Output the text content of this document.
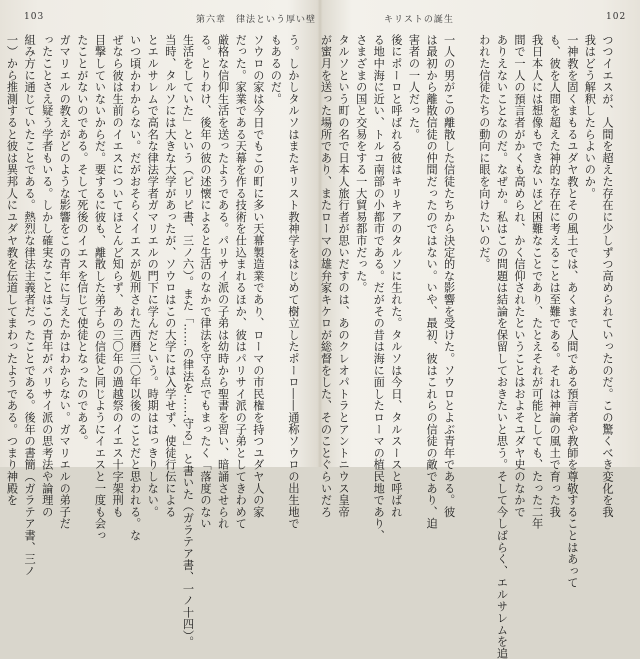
103	第六章 律法という厚い壁
う。しかしタルソはまたキリスト教神学をはじめて樹立したポーロ――通称ソウロの出生地で
もあるのだ。
ソウロの家は今日でもこの町に多い天幕製造業であり、ローマの市民権を持つユダヤ人の家
だった。家業である天幕を作る技術を仕込まれるほか、彼はパリサイ派の子弟としてきわめて
厳格な信仰生活を送ったようである。パリサイ派の子弟は幼時から聖書を習い、暗誦させられ
る。とりわけ、後年の彼の述懐によると生活のなかで律法を守る点でもまったく「落度のない
生活をしていた」という（ピリピ書、三ノ六）。また「……の律法を……守る」と書いた（ガラテア書、一ノ十四）。
当時、タルソには大きな大学があったが、ソウロはこの大学には入学せず、使徒行伝による
とエルサレムで高名な律法学者ガマリエルの門下に学んだという。時期ははっきりしない。
いつ頃かわからない。だがおそらくイエスが処刑された西暦三〇年以後のことだと思われる。な
ぜなら彼は生前のイエスについてほとんど知らず、あの三〇年の過越祭のイエス十字架刑も
目撃していないからだ。要するに彼も、離散した弟子らの信徒と同じようにイエスと一度も会っ
たことがないのである。そして死後のイエスを信じて使徒となったのである。
ガマリエルの教えがどのような影響をこの青年に与えたかはわからない。ガマリエルの弟子だ
ったことさえ疑う学者もいる。しかし確実なことはこの青年がパリサイ派の思考法や論理の
組み方に通じていたことである。熱烈な律法主義者だったことである。後年の書簡（ガラテア書、三ノ
一）から推測すると彼は異邦人にユダヤ教を伝道してまわったようである。つまり神殿を
キリストの誕生	102
つつイエスが、人間を超えた存在に少しずつ高められていったのだ。この驚くべき変化を我
我はどう解釈したらよいのか。
一神教を固くまもるユダヤ教とその風土では、あくまで人間である預言者や教師を尊敬することはあって
も、彼を人間を超えた神的な存在に考えることは至難である。それは神論の風土で育った我
我日本人には想像もできないほど困難なことであり、たとえそれが可能としても、たった二年
間で一人の預言者がかくも高められ、かく信仰されたということはおよそユダヤ史のなかで
ありえないことなのだ。なぜか。私はこの問題は結論を保留しておきたいと思う。そして今しばらく、エルサレムを追
われた信徒たちの動向に眼を向けたいのだ。

一人の男がこの離散した信徒たちから決定的な影響を受けた。ソウロとよぶ青年である。彼
は最初から離散信徒の仲間だったのではない。いや、最初、彼はこれらの信徒の敵であり、迫
害者の一人だった。
後にポーロと呼ばれる彼はキリキアのタルソに生れた。タルソは今日、タルスースと呼ばれ
る地中海に近い、トルコ南部の小都市である。だがその昔は海に面したローマの植民地であり、
さまざまの国と交易をする一大貿易都市だった。
タルソという町の名で日本人旅行者が思いだすのは、あのクレオパトラとアントニウス皇帝
が蜜月を送った場所であり、またローマの雄弁家キケロが総督をした、そのことぐらいだろ
